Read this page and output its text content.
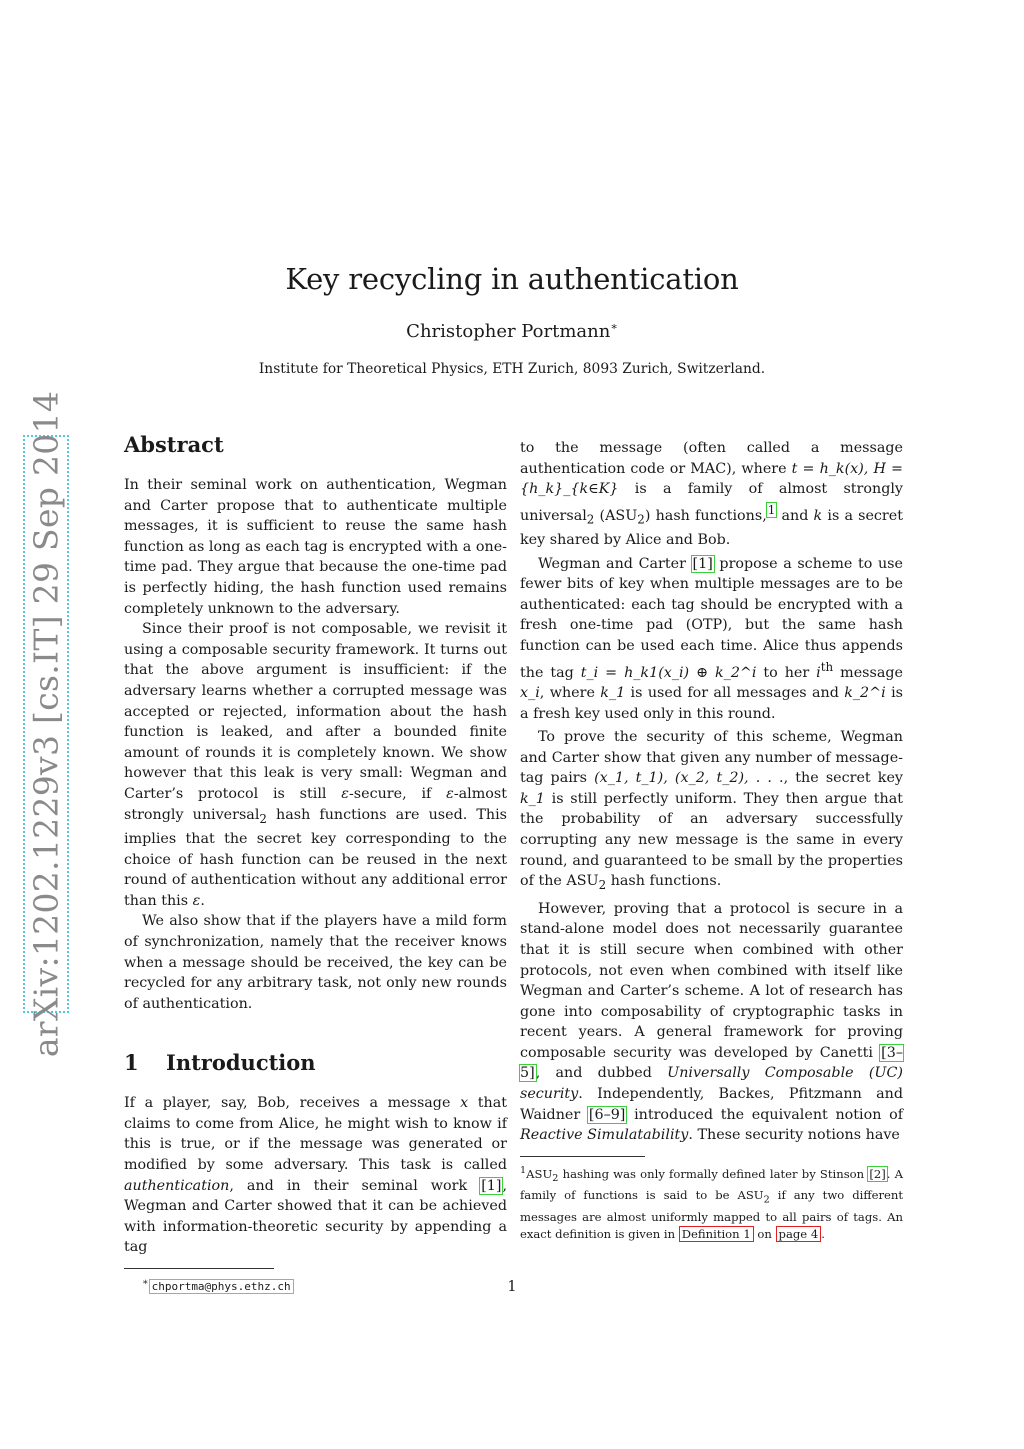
Key recycling in authentication
Christopher Portmann∗
Institute for Theoretical Physics, ETH Zurich, 8093 Zurich, Switzerland.
arXiv:1202.1229v3 [cs.IT] 29 Sep 2014	Abstract

In their seminal work on authentication, Wegman and Carter propose that to authenticate multiple messages, it is sufficient to reuse the same hash function as long as each tag is encrypted with a one-time pad. They argue that because the one-time pad is perfectly hiding, the hash function used remains completely unknown to the adversary.

Since their proof is not composable, we revisit it using a composable security framework. It turns out that the above argument is insufficient: if the adversary learns whether a corrupted message was accepted or rejected, information about the hash function is leaked, and after a bounded finite amount of rounds it is completely known. We show however that this leak is very small: Wegman and Carter’s protocol is still ε-secure, if ε-almost strongly universal$_2$ hash functions are used. This implies that the secret key corresponding to the choice of hash function can be reused in the next round of authentication without any additional error than this ε.

We also show that if the players have a mild form of synchronization, namely that the receiver knows when a message should be received, the key can be recycled for any arbitrary task, not only new rounds of authentication.

1 Introduction

If a player, say, Bob, receives a message x that claims to come from Alice, he might wish to know if this is true, or if the message was generated or modified by some adversary. This task is called authentication, and in their seminal work [1], Wegman and Carter showed that it can be achieved with information-theoretic security by appending a tag

∗ chportma@phys.ethz.ch

to the message (often called a message authentication code or MAC), where t = h_k(x), H = {h_k}_{k∈K} is a family of almost strongly universal$_2$ $(ASU_2)$ hash functions,$^1$ and k is a secret key shared by Alice and Bob.

Wegman and Carter [1] propose a scheme to use fewer bits of key when multiple messages are to be authenticated: each tag should be encrypted with a fresh one-time pad (OTP), but the same hash function can be used each time. Alice thus appends the tag t_i = h_k1(x_i) ⊕ k_2^i to her $i^{th}$ message x_i, where k_1 is used for all messages and k_2^i is a fresh key used only in this round.

To prove the security of this scheme, Wegman and Carter show that given any number of message-tag pairs (x_1, t_1), (x_2, t_2), . . ., the secret key k_1 is still perfectly uniform. They then argue that the probability of an adversary successfully corrupting any new message is the same in every round, and guaranteed to be small by the properties of the $ASU_2$ hash functions.

However, proving that a protocol is secure in a stand-alone model does not necessarily guarantee that it is still secure when combined with other protocols, not even when combined with itself like Wegman and Carter’s scheme. A lot of research has gone into composability of cryptographic tasks in recent years. A general framework for proving composable security was developed by Canetti [3–5], and dubbed Universally Composable (UC) security. Independently, Backes, Pfitzmann and Waidner [6–9] introduced the equivalent notion of Reactive Simulatability. These security notions have

$^1ASU_2$ hashing was only formally defined later by Stinson [2]. A family of functions is said to be $ASU_2$ if any two different messages are almost uniformly mapped to all pairs of tags. An exact definition is given in Definition 1 on page 4 .
1
